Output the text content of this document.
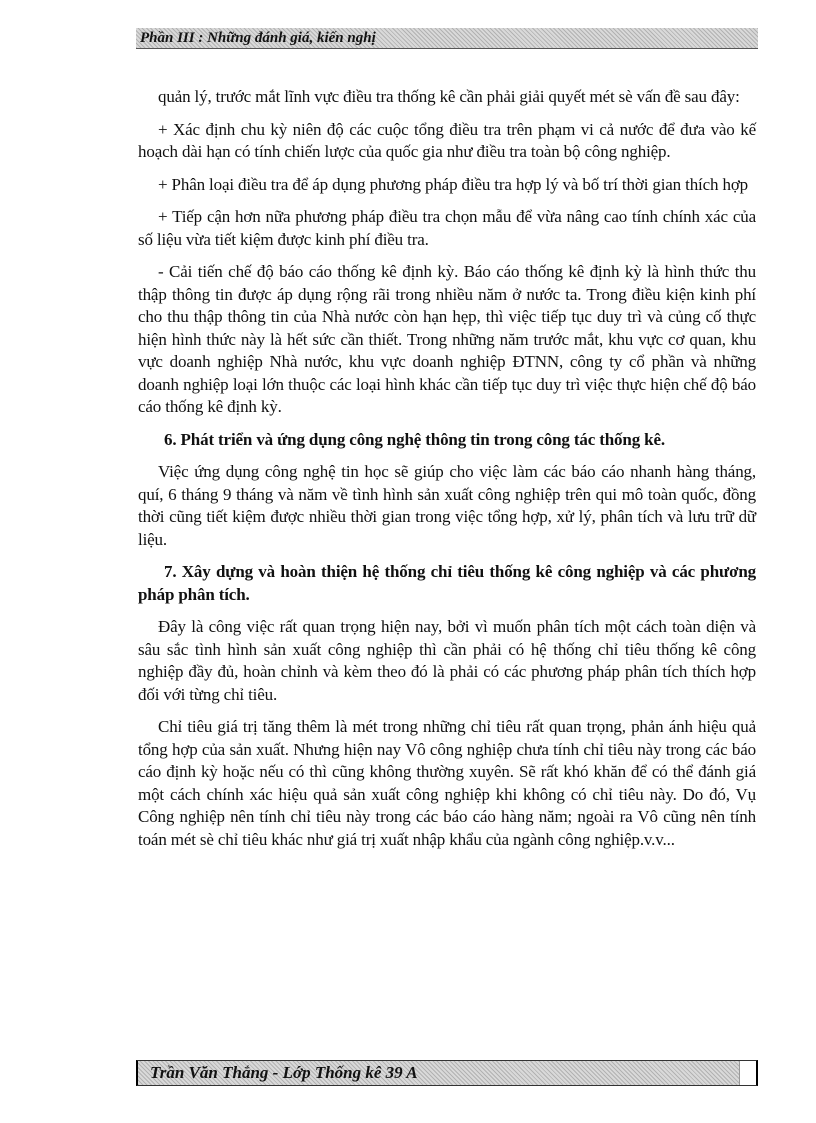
Phần III : Những đánh giá, kiến nghị

quản lý, trước mắt lĩnh vực điều tra thống kê cần phải giải quyết mét sè vấn đề sau đây:

+ Xác định chu kỳ niên độ các cuộc tổng điều tra trên phạm vi cả nước để đưa vào kế hoạch dài hạn có tính chiến lược của quốc gia như điều tra toàn bộ công nghiệp.

+ Phân loại điều tra để áp dụng phương pháp điều tra hợp lý và bố trí thời gian thích hợp

+ Tiếp cận hơn nữa phương pháp điều tra chọn mẫu để vừa nâng cao tính chính xác của số liệu vừa tiết kiệm được kinh phí điều tra.

- Cải tiến chế độ báo cáo thống kê định kỳ. Báo cáo thống kê định kỳ là hình thức thu thập thông tin được áp dụng rộng rãi trong nhiều năm ở nước ta. Trong điều kiện kinh phí cho thu thập thông tin của Nhà nước còn hạn hẹp, thì việc tiếp tục duy trì và củng cố thực hiện hình thức này là hết sức cần thiết. Trong những năm trước mắt, khu vực cơ quan, khu vực doanh nghiệp Nhà nước, khu vực doanh nghiệp ĐTNN, công ty cổ phần và những doanh nghiệp loại lớn thuộc các loại hình khác cần tiếp tục duy trì việc thực hiện chế độ báo cáo thống kê định kỳ.

6. Phát triển và ứng dụng công nghệ thông tin trong công tác thống kê.

Việc ứng dụng công nghệ tin học sẽ giúp cho việc làm các báo cáo nhanh hàng tháng, quí, 6 tháng 9 tháng và năm về tình hình sản xuất công nghiệp trên qui mô toàn quốc, đồng thời cũng tiết kiệm được nhiều thời gian trong việc tổng hợp, xử lý, phân tích và lưu trữ dữ liệu.

7. Xây dựng và hoàn thiện hệ thống chỉ tiêu thống kê công nghiệp và các phương pháp phân tích.

Đây là công việc rất quan trọng hiện nay, bởi vì muốn phân tích một cách toàn diện và sâu sắc tình hình sản xuất công nghiệp thì cần phải có hệ thống chỉ tiêu thống kê công nghiệp đầy đủ, hoàn chỉnh và kèm theo đó là phải có các phương pháp phân tích thích hợp đối với từng chỉ tiêu.

Chỉ tiêu giá trị tăng thêm là mét trong những chỉ tiêu rất quan trọng, phản ánh hiệu quả tổng hợp của sản xuất. Nhưng hiện nay Vô công nghiệp chưa tính chỉ tiêu này trong các báo cáo định kỳ hoặc nếu có thì cũng không thường xuyên. Sẽ rất khó khăn để có thể đánh giá một cách chính xác hiệu quả sản xuất công nghiệp khi không có chỉ tiêu này. Do đó, Vụ Công nghiệp nên tính chỉ tiêu này trong các báo cáo hàng năm; ngoài ra Vô cũng nên tính toán mét sè chỉ tiêu khác như giá trị xuất nhập khẩu của ngành công nghiệp.v.v...

Trần Văn Thắng - Lớp Thống kê 39 A
